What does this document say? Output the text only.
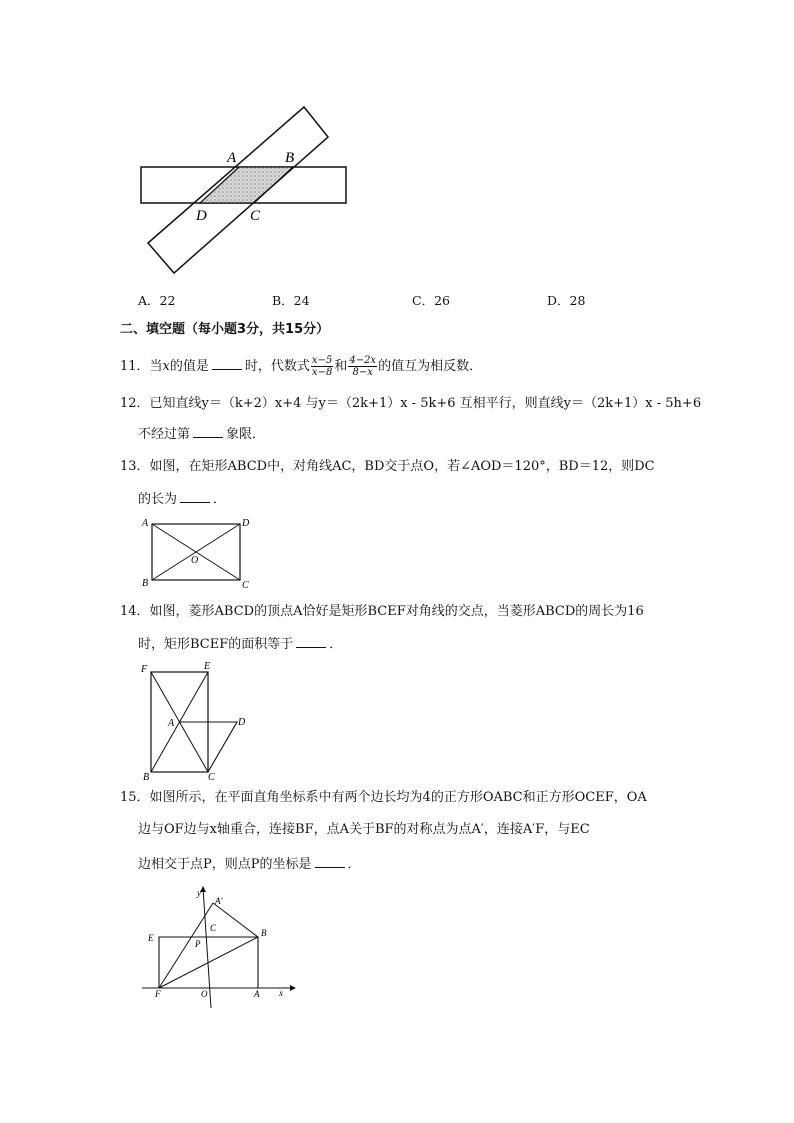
A	B
D	C
A．22	B．24	C．26	D．28
二、填空题（每小题3分，共15分）
11．当x的值是	时，代数式 $\frac{x-5}{x-8}$ 和 $\frac{4-2x}{8-x}$ 的值互为相反数．
12．已知直线y＝（k+2）x+4 与y＝（2k+1）x - 5k+6 互相平行，则直线y＝（2k+1）x - 5h+6
不经过第	象限．
13．如图，在矩形ABCD中，对角线AC，BD交于点O，若∠AOD＝120°，BD＝12，则DC
的长为	．
A	D
B	C
O
14．如图，菱形ABCD的顶点A恰好是矩形BCEF对角线的交点，当菱形ABCD的周长为16
时，矩形BCEF的面积等于	．
F	E
A	D
B	C
15．如图所示，在平面直角坐标系中有两个边长均为4的正方形OABC和正方形OCEF，OA
边与OF边与x轴重合，连接BF，点A关于BF的对称点为点A′，连接A′F，与EC
边相交于点P，则点P的坐标是	．
y
A′
C
P
E	B
F	O	A x
